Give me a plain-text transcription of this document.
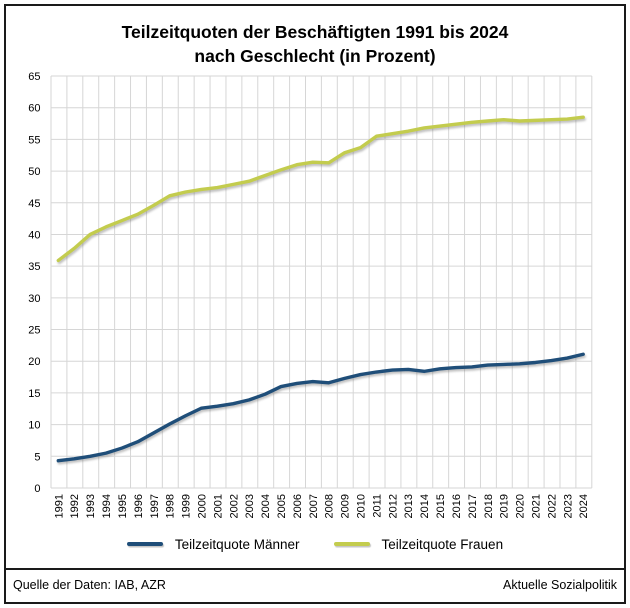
Teilzeitquoten der Beschäftigten 1991 bis 2024
nach Geschlecht (in Prozent)
0
5
10
15
20
25
30
35
40
45
50
55
60
65
1991 1992 1993 1994 1995 1996 1997 1998 1999 2000 2001 2002 2003 2004 2005 2006 2007 2008 2009 2010 2011 2012 2013 2014 2015 2016 2017 2018 2019 2020 2021 2022 2023 2024
Teilzeitquote Männer	Teilzeitquote Frauen
Quelle der Daten: IAB, AZR	Aktuelle Sozialpolitik
